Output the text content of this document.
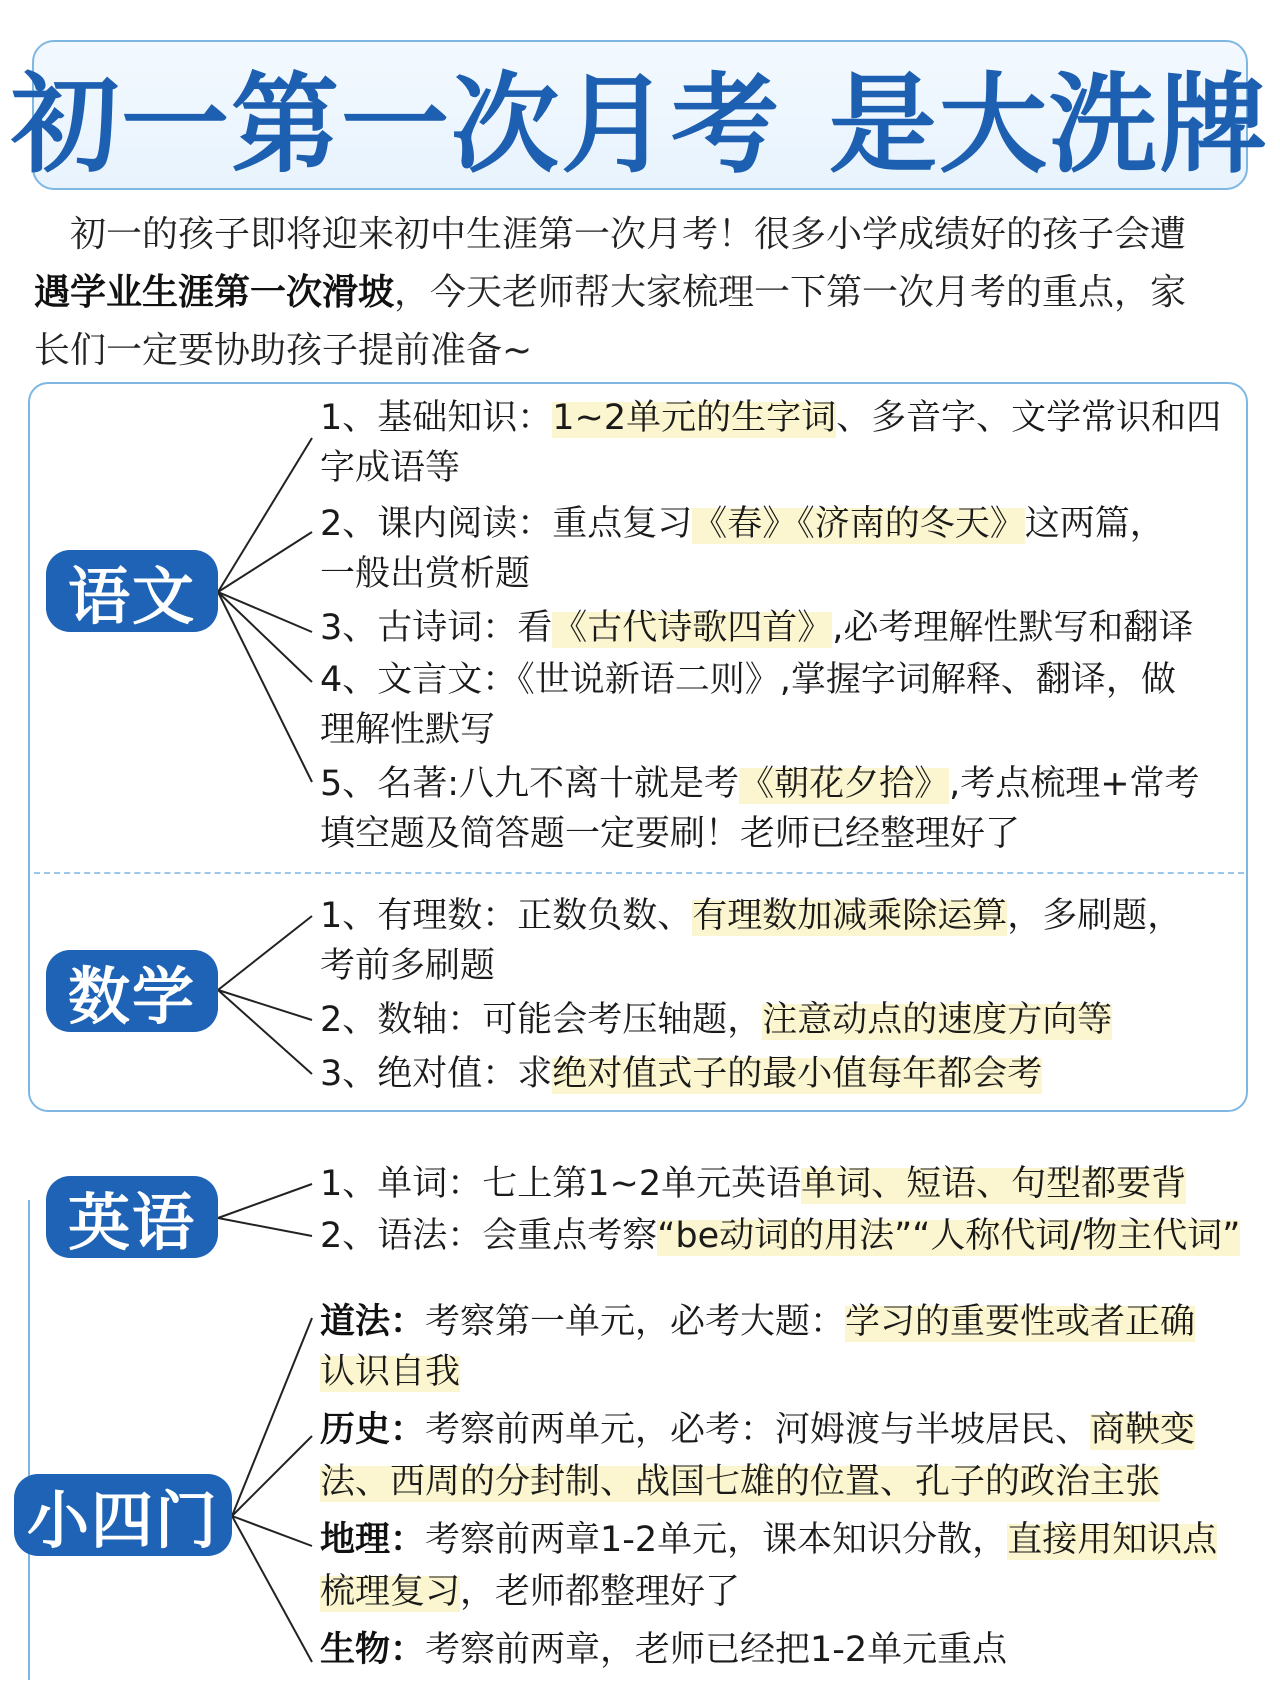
初一第一次月考 是大洗牌
初一的孩子即将迎来初中生涯第一次月考！很多小学成绩好的孩子会遭
遇学业生涯第一次滑坡，今天老师帮大家梳理一下第一次月考的重点，家
长们一定要协助孩子提前准备~
语文
数学
英语
小四门
1、基础知识：1~2单元的生字词、多音字、文学常识和四
字成语等
2、课内阅读：重点复习《春》《济南的冬天》这两篇，
一般出赏析题
3、古诗词：看《古代诗歌四首》,必考理解性默写和翻译
4、文言文：《世说新语二则》,掌握字词解释、翻译，做
理解性默写
5、名著:八九不离十就是考《朝花夕拾》,考点梳理+常考
填空题及简答题一定要刷！老师已经整理好了
1、有理数：正数负数、有理数加减乘除运算，多刷题，
考前多刷题
2、数轴：可能会考压轴题，注意动点的速度方向等
3、绝对值：求绝对值式子的最小值每年都会考
1、单词：七上第1~2单元英语单词、短语、句型都要背
2、语法：会重点考察“be动词的用法”“人称代词/物主代词”
道法：考察第一单元，必考大题：学习的重要性或者正确
认识自我
历史：考察前两单元，必考：河姆渡与半坡居民、商鞅变
法、西周的分封制、战国七雄的位置、孔子的政治主张
地理：考察前两章1-2单元，课本知识分散，直接用知识点
梳理复习，老师都整理好了
生物：考察前两章，老师已经把1-2单元重点
